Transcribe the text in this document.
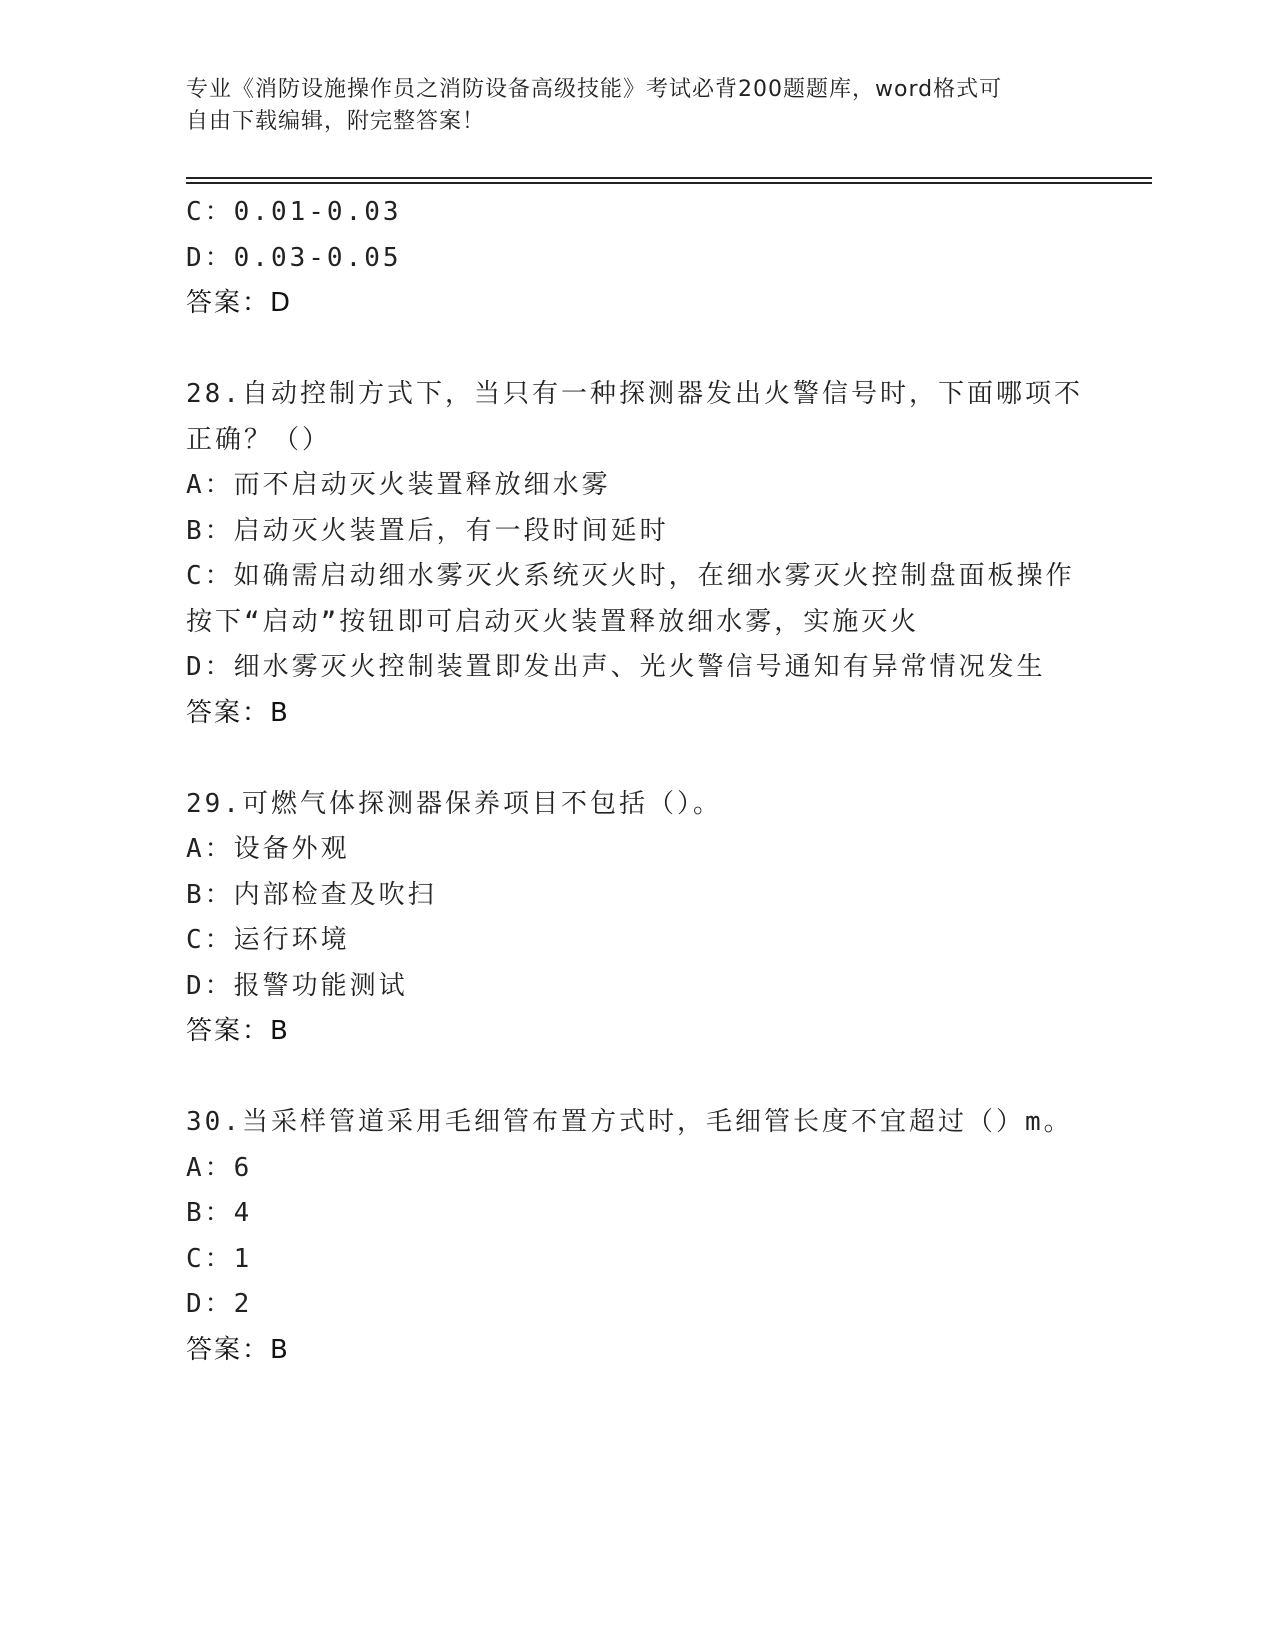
专业《消防设施操作员之消防设备高级技能》考试必背200题题库，word格式可
自由下载编辑，附完整答案！
C：0.01-0.03
D：0.03-0.05
答案：D
28.自动控制方式下，当只有一种探测器发出火警信号时，下面哪项不
正确？（）
A：而不启动灭火装置释放细水雾
B：启动灭火装置后，有一段时间延时
C：如确需启动细水雾灭火系统灭火时，在细水雾灭火控制盘面板操作
按下“启动”按钮即可启动灭火装置释放细水雾，实施灭火
D：细水雾灭火控制装置即发出声、光火警信号通知有异常情况发生
答案：B
29.可燃气体探测器保养项目不包括（）。
A：设备外观
B：内部检查及吹扫
C：运行环境
D：报警功能测试
答案：B
30.当采样管道采用毛细管布置方式时，毛细管长度不宜超过（）m。
A：6
B：4
C：1
D：2
答案：B
